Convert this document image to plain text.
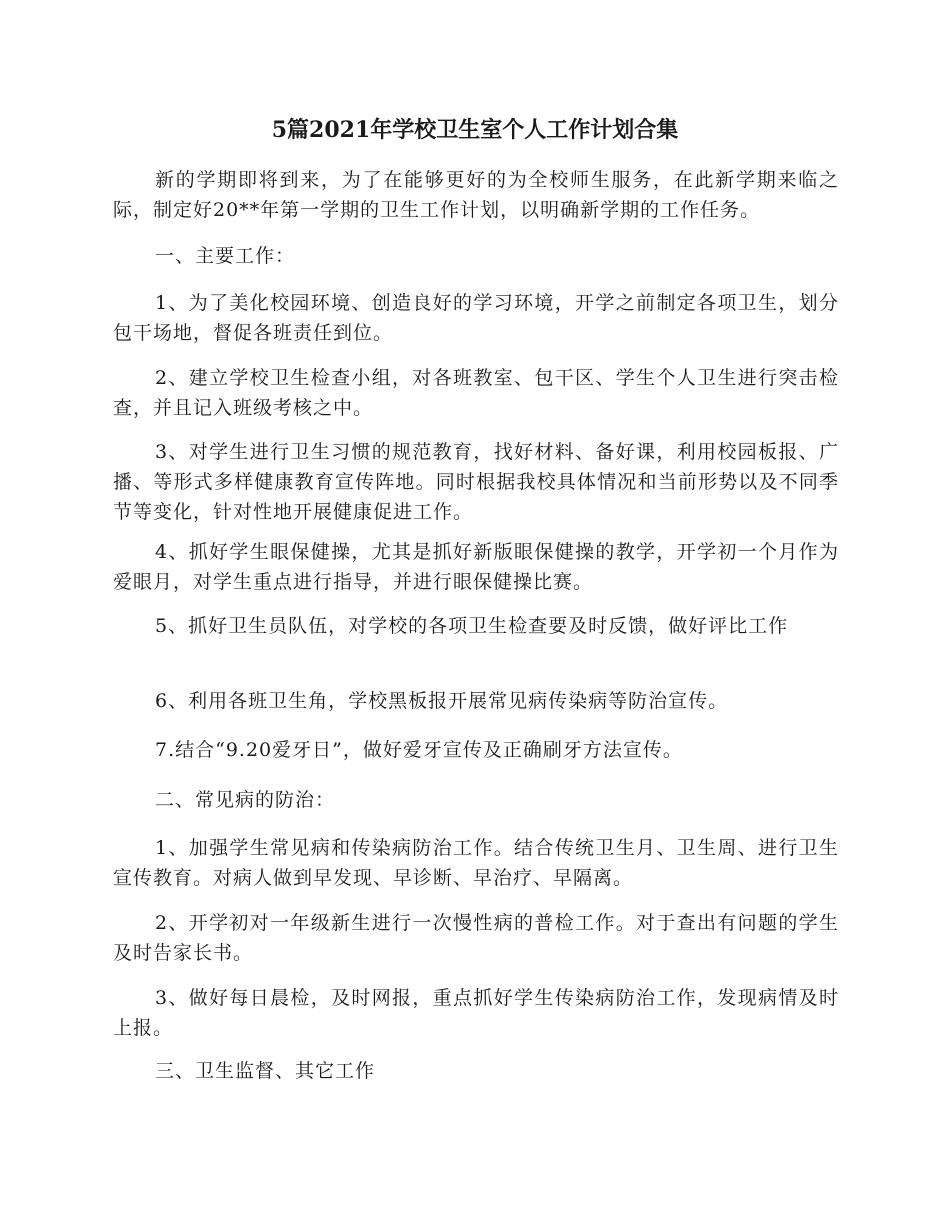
5篇2021年学校卫生室个人工作计划合集

新的学期即将到来，为了在能够更好的为全校师生服务，在此新学期来临之际，制定好20**年第一学期的卫生工作计划，以明确新学期的工作任务。

一、主要工作：

1、为了美化校园环境、创造良好的学习环境，开学之前制定各项卫生，划分包干场地，督促各班责任到位。

2、建立学校卫生检查小组，对各班教室、包干区、学生个人卫生进行突击检查，并且记入班级考核之中。

3、对学生进行卫生习惯的规范教育，找好材料、备好课，利用校园板报、广播、等形式多样健康教育宣传阵地。同时根据我校具体情况和当前形势以及不同季节等变化，针对性地开展健康促进工作。

4、抓好学生眼保健操，尤其是抓好新版眼保健操的教学，开学初一个月作为爱眼月，对学生重点进行指导，并进行眼保健操比赛。

5、抓好卫生员队伍，对学校的各项卫生检查要及时反馈，做好评比工作

6、利用各班卫生角，学校黑板报开展常见病传染病等防治宣传。

7.结合“9.20爱牙日”，做好爱牙宣传及正确刷牙方法宣传。

二、常见病的防治：

1、加强学生常见病和传染病防治工作。结合传统卫生月、卫生周、进行卫生宣传教育。对病人做到早发现、早诊断、早治疗、早隔离。

2、开学初对一年级新生进行一次慢性病的普检工作。对于查出有问题的学生及时告家长书。

3、做好每日晨检，及时网报，重点抓好学生传染病防治工作，发现病情及时上报。

三、卫生监督、其它工作
